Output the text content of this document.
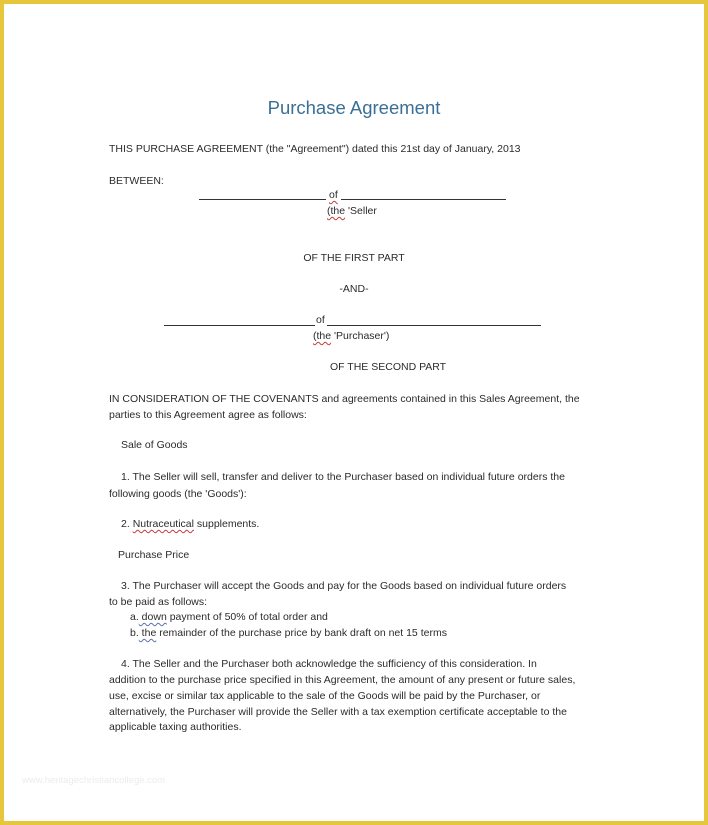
Purchase Agreement
THIS PURCHASE AGREEMENT (the "Agreement") dated this 21st day of January, 2013
BETWEEN:
of
(the 'Seller
OF THE FIRST PART
-AND-
of
(the 'Purchaser')
OF THE SECOND PART
IN CONSIDERATION OF THE COVENANTS and agreements contained in this Sales Agreement, the
parties to this Agreement agree as follows:
Sale of Goods
1. The Seller will sell, transfer and deliver to the Purchaser based on individual future orders the
following goods (the 'Goods'):
2. Nutraceutical supplements.
Purchase Price
3. The Purchaser will accept the Goods and pay for the Goods based on individual future orders
to be paid as follows:
a. down payment of 50% of total order and
b. the remainder of the purchase price by bank draft on net 15 terms
4. The Seller and the Purchaser both acknowledge the sufficiency of this consideration. In
addition to the purchase price specified in this Agreement, the amount of any present or future sales,
use, excise or similar tax applicable to the sale of the Goods will be paid by the Purchaser, or
alternatively, the Purchaser will provide the Seller with a tax exemption certificate acceptable to the
applicable taxing authorities.
www.heritagechristiancollege.com
